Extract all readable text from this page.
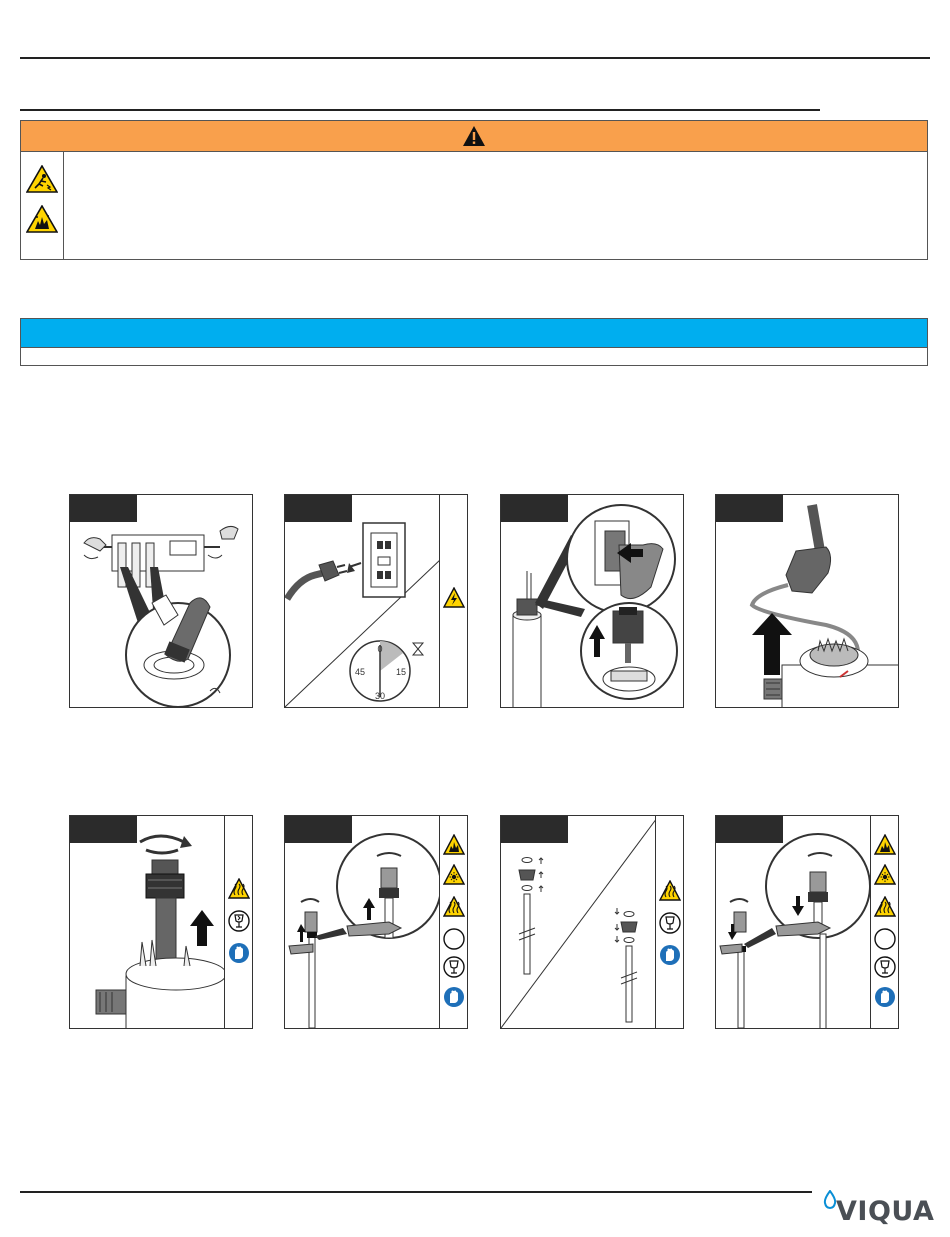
0
15
30
45
VIQUA
